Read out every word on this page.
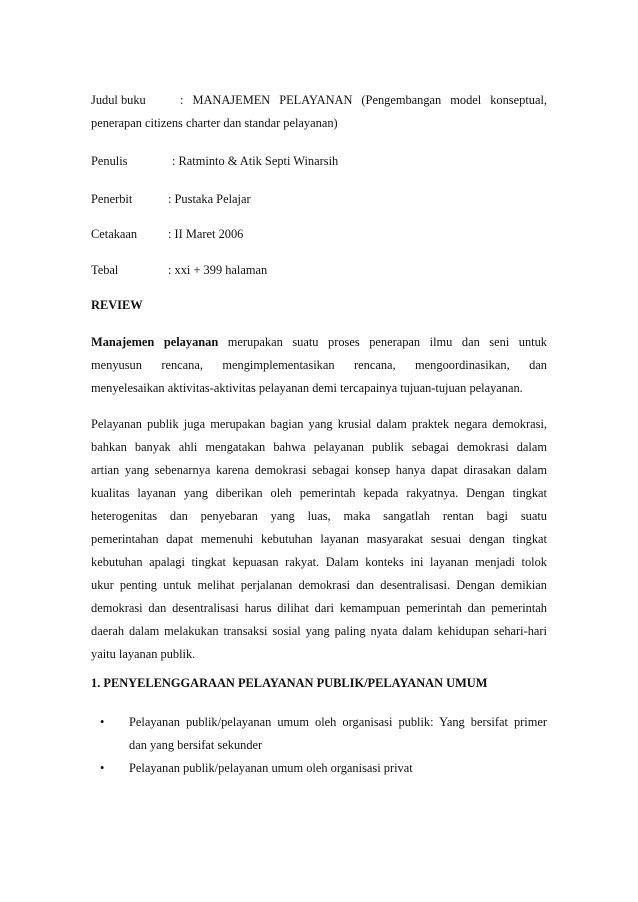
Judul buku	: MANAJEMEN PELAYANAN (Pengembangan model konseptual,
penerapan citizens charter dan standar pelayanan)
Penulis	: Ratminto & Atik Septi Winarsih
Penerbit	: Pustaka Pelajar
Cetakaan : II Maret 2006
Tebal	: xxi + 399 halaman
REVIEW
Manajemen pelayanan merupakan suatu proses penerapan ilmu dan seni untuk
menyusun rencana, mengimplementasikan rencana, mengoordinasikan, dan
menyelesaikan aktivitas-aktivitas pelayanan demi tercapainya tujuan-tujuan pelayanan.
Pelayanan publik juga merupakan bagian yang krusial dalam praktek negara demokrasi,
bahkan banyak ahli mengatakan bahwa pelayanan publik sebagai demokrasi dalam
artian yang sebenarnya karena demokrasi sebagai konsep hanya dapat dirasakan dalam
kualitas layanan yang diberikan oleh pemerintah kepada rakyatnya. Dengan tingkat
heterogenitas dan penyebaran yang luas, maka sangatlah rentan bagi suatu
pemerintahan dapat memenuhi kebutuhan layanan masyarakat sesuai dengan tingkat
kebutuhan apalagi tingkat kepuasan rakyat. Dalam konteks ini layanan menjadi tolok
ukur penting untuk melihat perjalanan demokrasi dan desentralisasi. Dengan demikian
demokrasi dan desentralisasi harus dilihat dari kemampuan pemerintah dan pemerintah
daerah dalam melakukan transaksi sosial yang paling nyata dalam kehidupan sehari-hari
yaitu layanan publik.
1. PENYELENGGARAAN PELAYANAN PUBLIK/PELAYANAN UMUM
• Pelayanan publik/pelayanan umum oleh organisasi publik: Yang bersifat primer
dan yang bersifat sekunder
• Pelayanan publik/pelayanan umum oleh organisasi privat
